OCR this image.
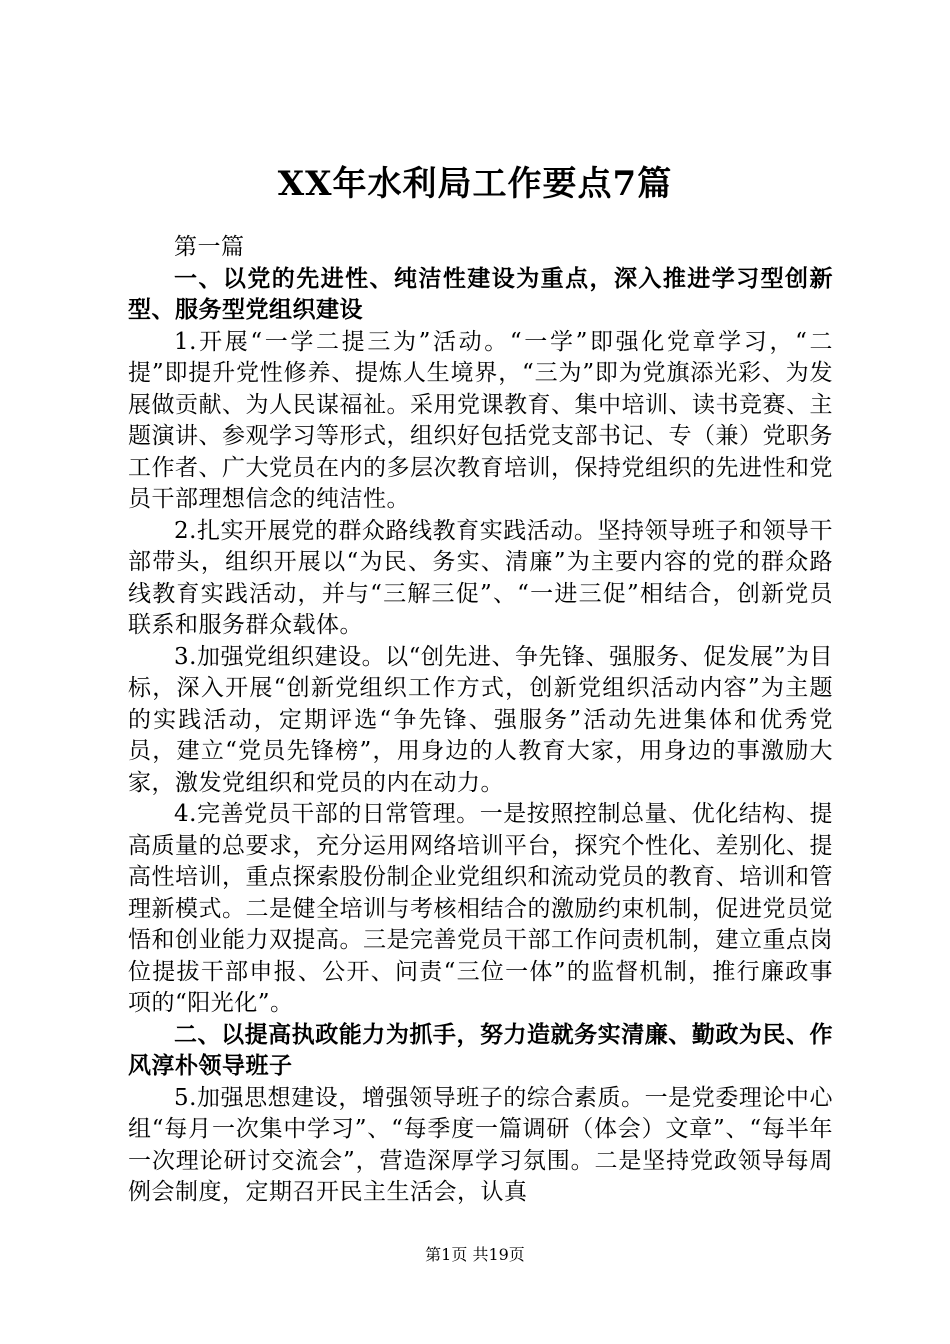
XX年水利局工作要点7篇

第一篇

一、以党的先进性、纯洁性建设为重点，深入推进学习型创新型、服务型党组织建设

1.开展“一学二提三为”活动。“一学”即强化党章学习，“二提”即提升党性修养、提炼人生境界，“三为”即为党旗添光彩、为发展做贡献、为人民谋福祉。采用党课教育、集中培训、读书竞赛、主题演讲、参观学习等形式，组织好包括党支部书记、专（兼）党职务工作者、广大党员在内的多层次教育培训，保持党组织的先进性和党员干部理想信念的纯洁性。

2.扎实开展党的群众路线教育实践活动。坚持领导班子和领导干部带头，组织开展以“为民、务实、清廉”为主要内容的党的群众路线教育实践活动，并与“三解三促”、“一进三促”相结合，创新党员联系和服务群众载体。

3.加强党组织建设。以“创先进、争先锋、强服务、促发展”为目标，深入开展“创新党组织工作方式，创新党组织活动内容”为主题的实践活动，定期评选“争先锋、强服务”活动先进集体和优秀党员，建立“党员先锋榜”，用身边的人教育大家，用身边的事激励大家，激发党组织和党员的内在动力。

4.完善党员干部的日常管理。一是按照控制总量、优化结构、提高质量的总要求，充分运用网络培训平台，探究个性化、差别化、提高性培训，重点探索股份制企业党组织和流动党员的教育、培训和管理新模式。二是健全培训与考核相结合的激励约束机制，促进党员觉悟和创业能力双提高。三是完善党员干部工作问责机制，建立重点岗位提拔干部申报、公开、问责“三位一体”的监督机制，推行廉政事项的“阳光化”。

二、以提高执政能力为抓手，努力造就务实清廉、勤政为民、作风淳朴领导班子

5.加强思想建设，增强领导班子的综合素质。一是党委理论中心组“每月一次集中学习”、“每季度一篇调研（体会）文章”、“每半年一次理论研讨交流会”，营造深厚学习氛围。二是坚持党政领导每周例会制度，定期召开民主生活会，认真

第1页 共19页
